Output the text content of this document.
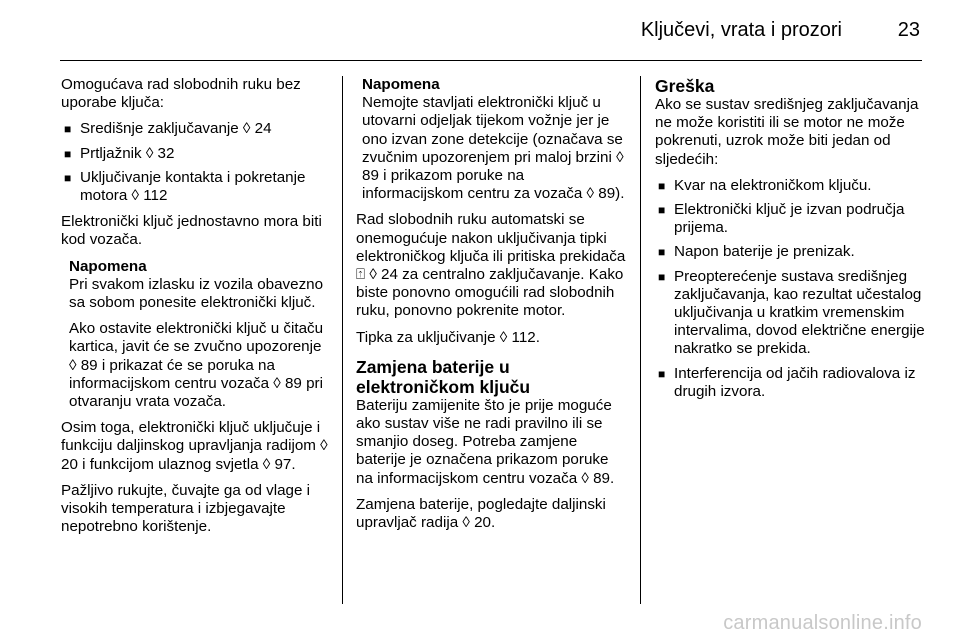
Ključevi, vrata i prozori	23

Omogućava rad slobodnih ruku bez uporabe ključa:

■ Središnje zaključavanje ◊ 24
■ Prtljažnik ◊ 32
■ Uključivanje kontakta i pokretanje motora ◊ 112

Elektronički ključ jednostavno mora biti kod vozača.

Napomena

Pri svakom izlasku iz vozila obavezno sa sobom ponesite elektronički ključ.

Ako ostavite elektronički ključ u čitaču kartica, javit će se zvučno upozorenje ◊ 89 i prikazat će se poruka na informacijskom centru vozača ◊ 89 pri otvaranju vrata vozača.

Osim toga, elektronički ključ uključuje i funkciju daljinskog upravljanja radijom ◊ 20 i funkcijom ulaznog svjetla ◊ 97.

Pažljivo rukujte, čuvajte ga od vlage i visokih temperatura i izbjegavajte nepotrebno korištenje.

Napomena

Nemojte stavljati elektronički ključ u utovarni odjeljak tijekom vožnje jer je ono izvan zone detekcije (označava se zvučnim upozorenjem pri maloj brzini ◊ 89 i prikazom poruke na informacijskom centru za vozača ◊ 89).

Rad slobodnih ruku automatski se onemogućuje nakon uključivanja tipki elektroničkog ključa ili pritiska prekidača ⍐ ◊ 24 za centralno zaključavanje. Kako biste ponovno omogućili rad slobodnih ruku, ponovno pokrenite motor.

Tipka za uključivanje ◊ 112.

Zamjena baterije u elektroničkom ključu

Bateriju zamijenite što je prije moguće ako sustav više ne radi pravilno ili se smanjio doseg. Potreba zamjene baterije je označena prikazom poruke na informacijskom centru vozača ◊ 89.

Zamjena baterije, pogledajte daljinski upravljač radija ◊ 20.

Greška

Ako se sustav središnjeg zaključavanja ne može koristiti ili se motor ne može pokrenuti, uzrok može biti jedan od sljedećih:

■ Kvar na elektroničkom ključu.
■ Elektronički ključ je izvan područja prijema.
■ Napon baterije je prenizak.
■ Preopterećenje sustava središnjeg zaključavanja, kao rezultat učestalog uključivanja u kratkim vremenskim intervalima, dovod električne energije nakratko se prekida.
■ Interferencija od jačih radiovalova iz drugih izvora.
carmanualsonline.info
